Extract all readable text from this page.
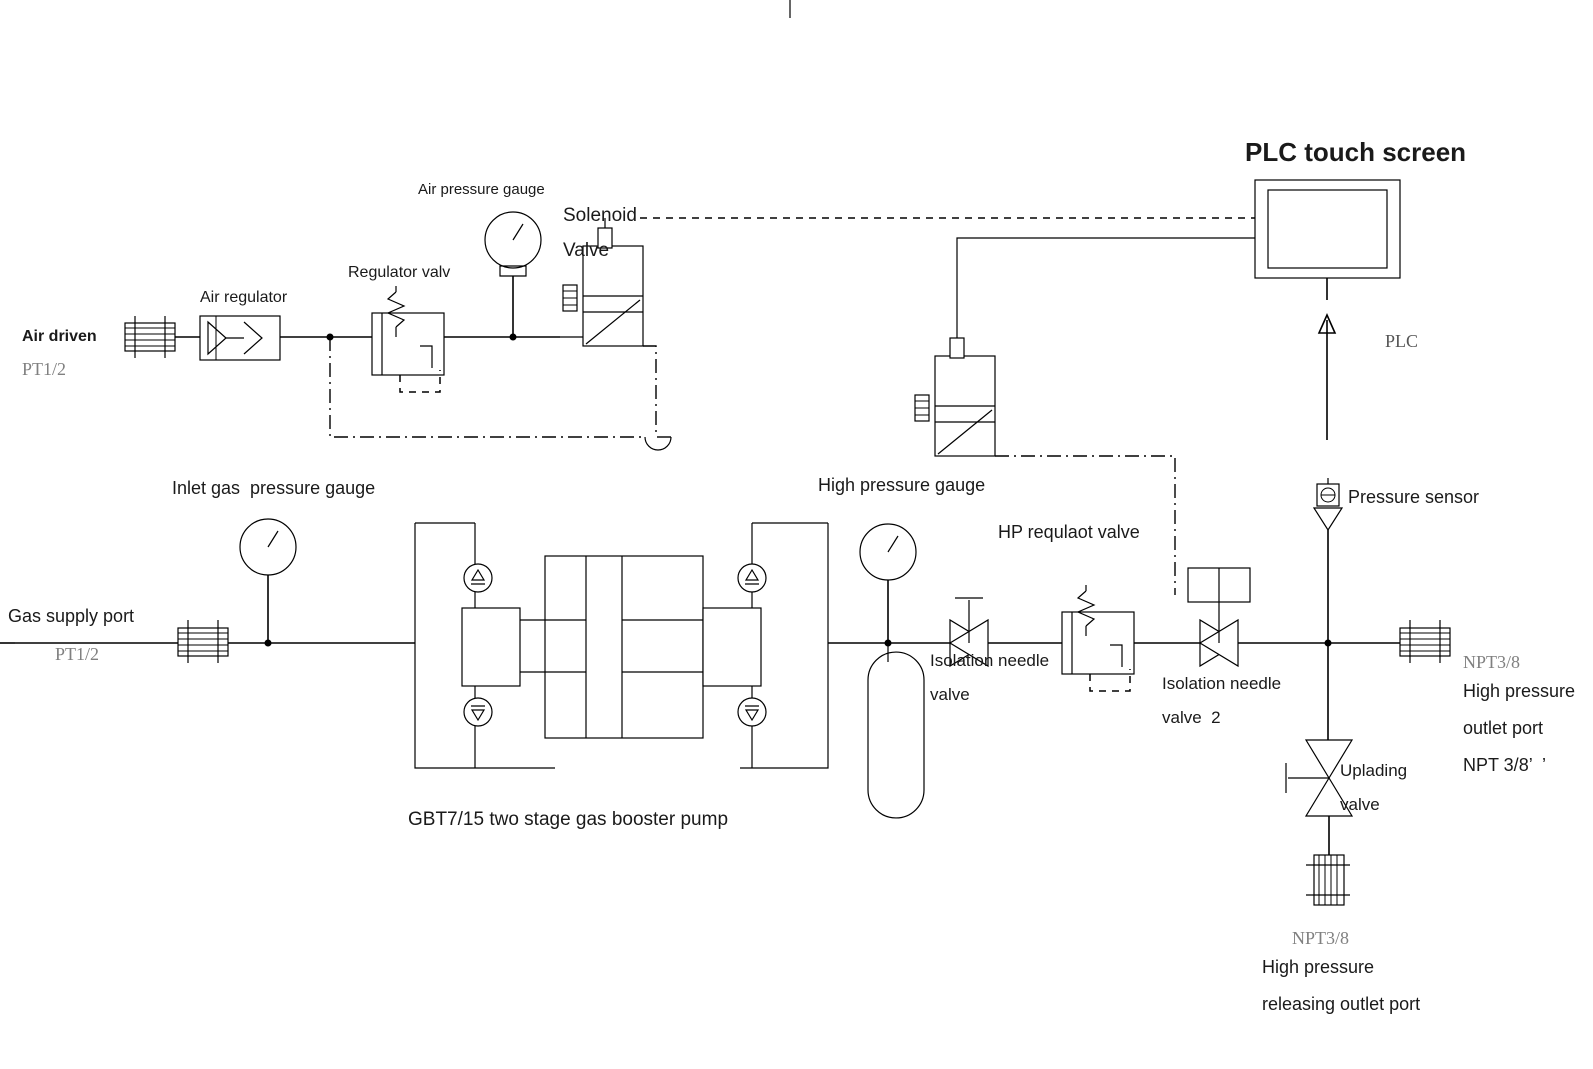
PLC touch screen
Air pressure gauge
Solenoid
Valve
Air regulator
Regulator valv
Air driven
PT1/2
PLC
Inlet gas  pressure gauge	High pressure gauge
HP requlaot valve
Gas supply port
PT1/2	Isolation needle
valve
Isolation needle
valve  2
Pressure sensor
Uplading
valve
NPT3/8
High pressure
outlet port
NPT 3/8’  ’
NPT3/8
High pressure
releasing outlet port
GBT7/15 two stage gas booster pump
